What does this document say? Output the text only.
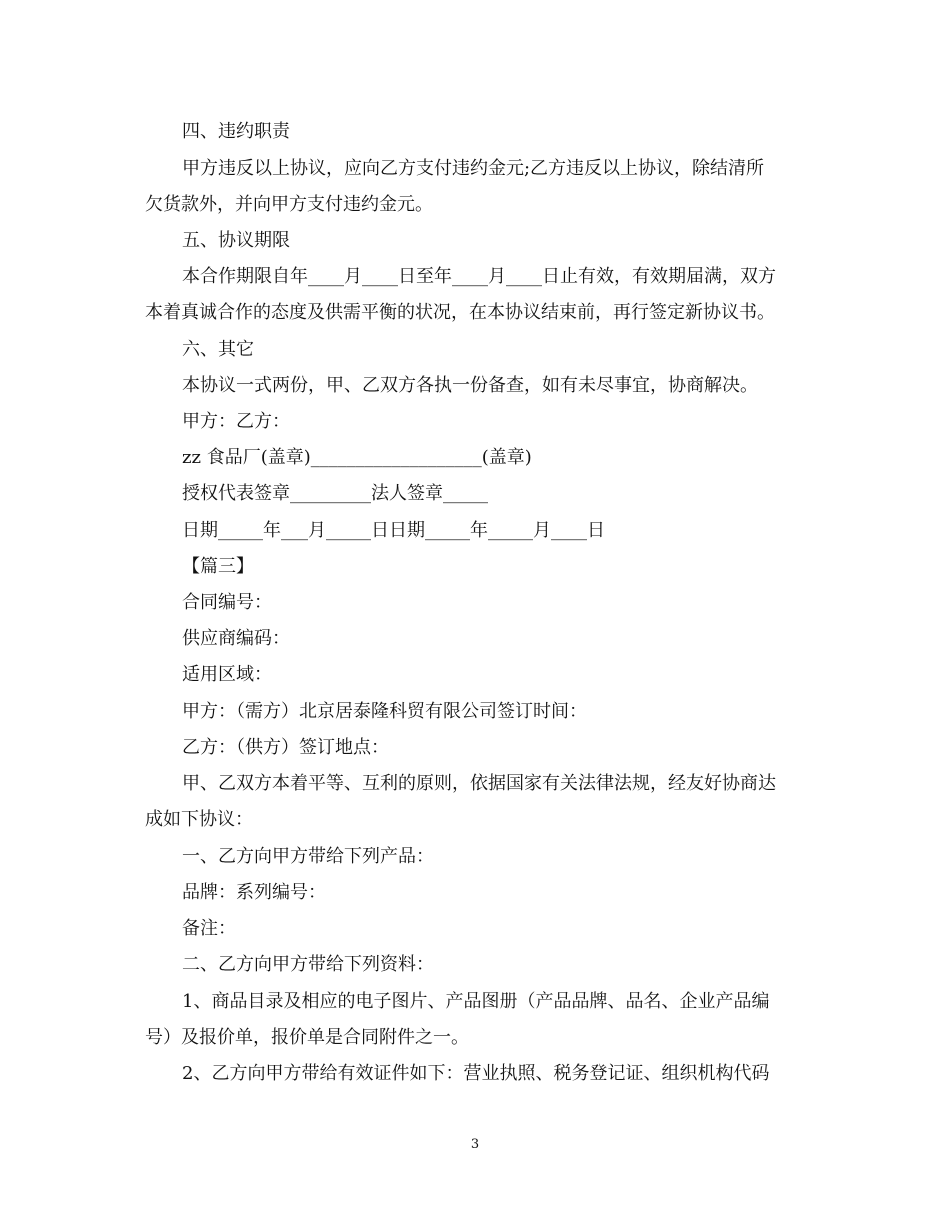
四、违约职责
甲方违反以上协议，应向乙方支付违约金元;乙方违反以上协议，除结清所
欠货款外，并向甲方支付违约金元。
五、协议期限
本合作期限自年____月____日至年____月____日止有效，有效期届满，双方
本着真诚合作的态度及供需平衡的状况，在本协议结束前，再行签定新协议书。
六、其它
本协议一式两份，甲、乙双方各执一份备查，如有未尽事宜，协商解决。
甲方：乙方：
zz 食品厂(盖章)___________________(盖章)
授权代表签章_________法人签章_____
日期_____年___月_____日日期_____年_____月____日
【篇三】
合同编号：
供应商编码：
适用区域：
甲方：（需方）北京居泰隆科贸有限公司签订时间：
乙方：（供方）签订地点：
甲、乙双方本着平等、互利的原则，依据国家有关法律法规，经友好协商达
成如下协议：
一、乙方向甲方带给下列产品：
品牌：系列编号：
备注：
二、乙方向甲方带给下列资料：
1、商品目录及相应的电子图片、产品图册（产品品牌、品名、企业产品编
号）及报价单，报价单是合同附件之一。
2、乙方向甲方带给有效证件如下：营业执照、税务登记证、组织机构代码
3
